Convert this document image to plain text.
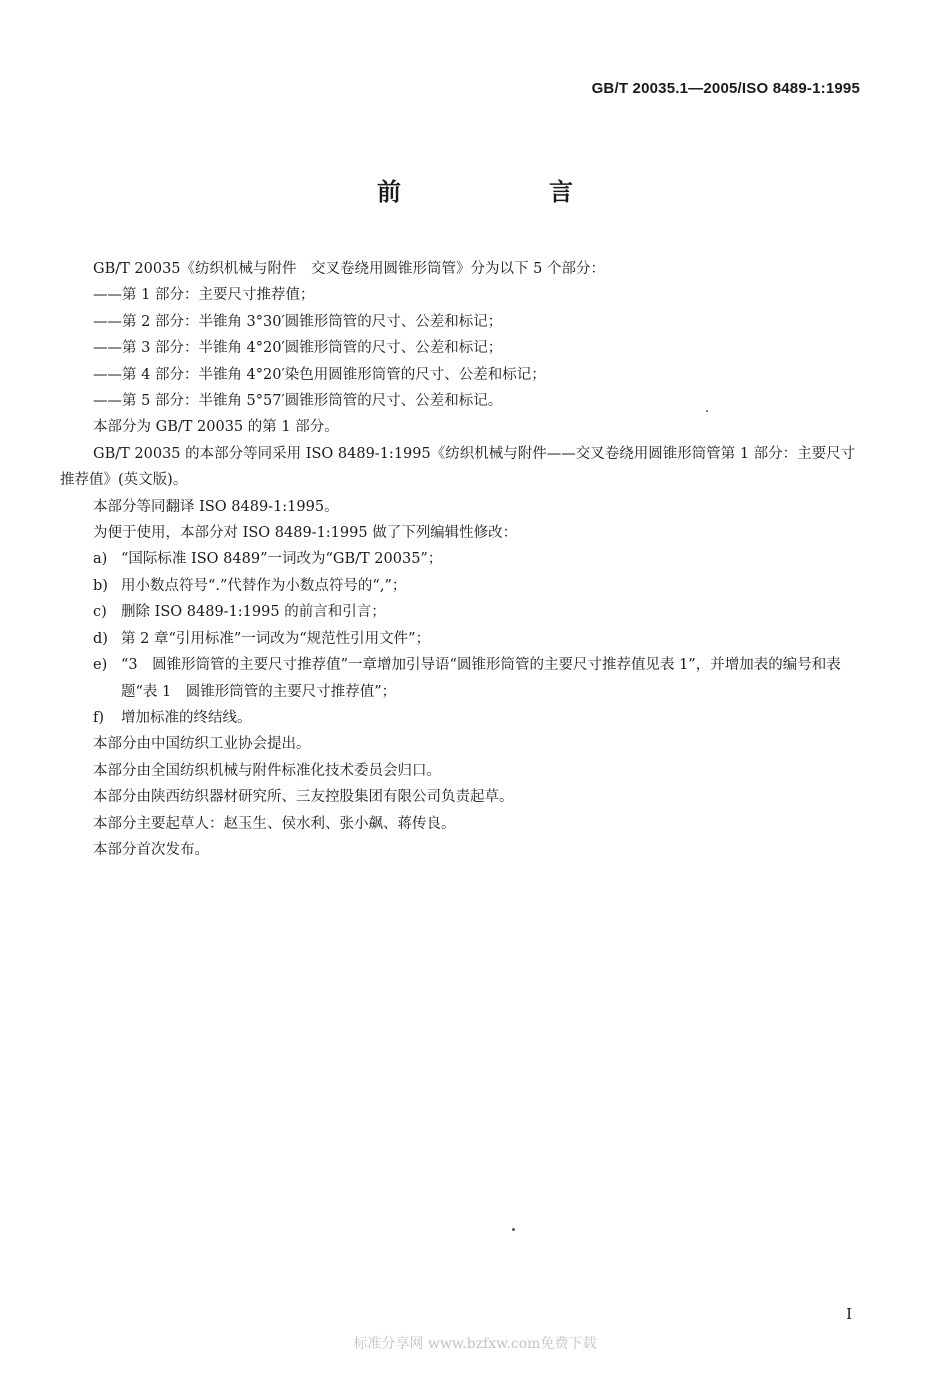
GB/T 20035.1—2005/ISO 8489-1:1995
前　言

GB/T 20035《纺织机械与附件　交叉卷绕用圆锥形筒管》分为以下 5 个部分：

——第 1 部分：主要尺寸推荐值；

——第 2 部分：半锥角 3°30′圆锥形筒管的尺寸、公差和标记；

——第 3 部分：半锥角 4°20′圆锥形筒管的尺寸、公差和标记；

——第 4 部分：半锥角 4°20′染色用圆锥形筒管的尺寸、公差和标记；

——第 5 部分：半锥角 5°57′圆锥形筒管的尺寸、公差和标记。

本部分为 GB/T 20035 的第 1 部分。

GB/T 20035 的本部分等同采用 ISO 8489-1:1995《纺织机械与附件——交叉卷绕用圆锥形筒管第 1 部分：主要尺寸推荐值》(英文版)。

本部分等同翻译 ISO 8489-1:1995。

为便于使用，本部分对 ISO 8489-1:1995 做了下列编辑性修改：

a) “国际标准 ISO 8489”一词改为“GB/T 20035”；

b) 用小数点符号“.”代替作为小数点符号的“,”；

c) 删除 ISO 8489-1:1995 的前言和引言；

d) 第 2 章“引用标准”一词改为“规范性引用文件”；

e) “3　圆锥形筒管的主要尺寸推荐值”一章增加引导语“圆锥形筒管的主要尺寸推荐值见表 1”，并增加表的编号和表题“表 1　圆锥形筒管的主要尺寸推荐值”；

f) 增加标准的终结线。

本部分由中国纺织工业协会提出。

本部分由全国纺织机械与附件标准化技术委员会归口。

本部分由陕西纺织器材研究所、三友控股集团有限公司负责起草。

本部分主要起草人：赵玉生、侯水利、张小飙、蒋传良。

本部分首次发布。

I
标准分享网 www.bzfxw.com免费下载
